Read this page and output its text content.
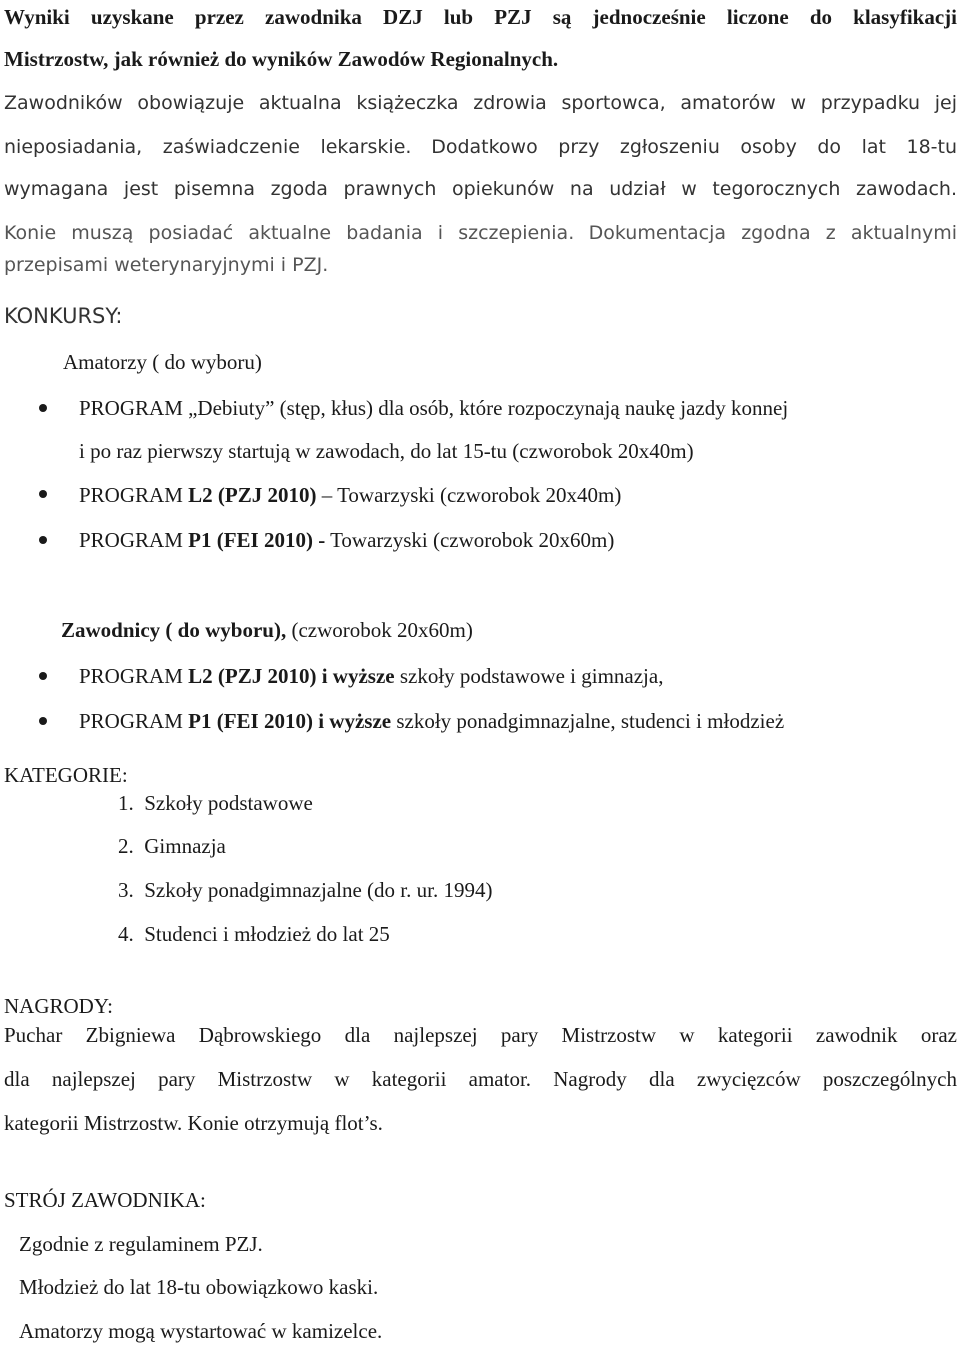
Wyniki uzyskane przez zawodnika DZJ lub PZJ są jednocześnie liczone do klasyfikacji
Mistrzostw, jak również do wyników Zawodów Regionalnych.
Zawodników obowiązuje aktualna książeczka zdrowia sportowca, amatorów w przypadku jej
nieposiadania, zaświadczenie lekarskie. Dodatkowo przy zgłoszeniu osoby do lat 18-tu
wymagana jest pisemna zgoda prawnych opiekunów na udział w tegorocznych zawodach.
Konie muszą posiadać aktualne badania i szczepienia. Dokumentacja zgodna z aktualnymi
przepisami weterynaryjnymi i PZJ.
KONKURSY:
Amatorzy ( do wyboru)
PROGRAM „Debiuty” (stęp, kłus) dla osób, które rozpoczynają naukę jazdy konnej
i po raz pierwszy startują w zawodach, do lat 15-tu (czworobok 20x40m)
PROGRAM L2 (PZJ 2010) – Towarzyski (czworobok 20x40m)
PROGRAM P1 (FEI 2010) - Towarzyski (czworobok 20x60m)
Zawodnicy ( do wyboru), (czworobok 20x60m)
PROGRAM L2 (PZJ 2010) i wyższe szkoły podstawowe i gimnazja,
PROGRAM P1 (FEI 2010) i wyższe szkoły ponadgimnazjalne, studenci i młodzież
KATEGORIE:
1. Szkoły podstawowe
2. Gimnazja
3. Szkoły ponadgimnazjalne (do r. ur. 1994)
4. Studenci i młodzież do lat 25
NAGRODY:
Puchar Zbigniewa Dąbrowskiego dla najlepszej pary Mistrzostw w kategorii zawodnik oraz
dla najlepszej pary Mistrzostw w kategorii amator. Nagrody dla zwycięzców poszczególnych
kategorii Mistrzostw. Konie otrzymują flot’s.
STRÓJ ZAWODNIKA:
Zgodnie z regulaminem PZJ.
Młodzież do lat 18-tu obowiązkowo kaski.
Amatorzy mogą wystartować w kamizelce.
